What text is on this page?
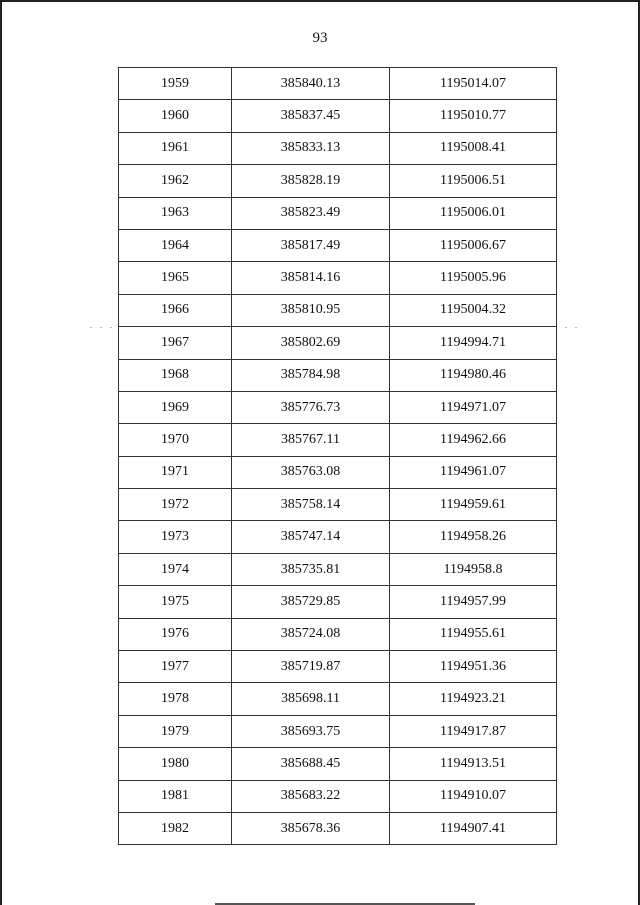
93
1959	385840.13	1195014.07
1960	385837.45	1195010.77
1961	385833.13	1195008.41
1962	385828.19	1195006.51
1963	385823.49	1195006.01
1964	385817.49	1195006.67
1965	385814.16	1195005.96
1966	385810.95	1195004.32
1967	385802.69	1194994.71
1968	385784.98	1194980.46
1969	385776.73	1194971.07
1970	385767.11	1194962.66
1971	385763.08	1194961.07
1972	385758.14	1194959.61
1973	385747.14	1194958.26
1974	385735.81	1194958.8
1975	385729.85	1194957.99
1976	385724.08	1194955.61
1977	385719.87	1194951.36
1978	385698.11	1194923.21
1979	385693.75	1194917.87
1980	385688.45	1194913.51
1981	385683.22	1194910.07
1982	385678.36	1194907.41
